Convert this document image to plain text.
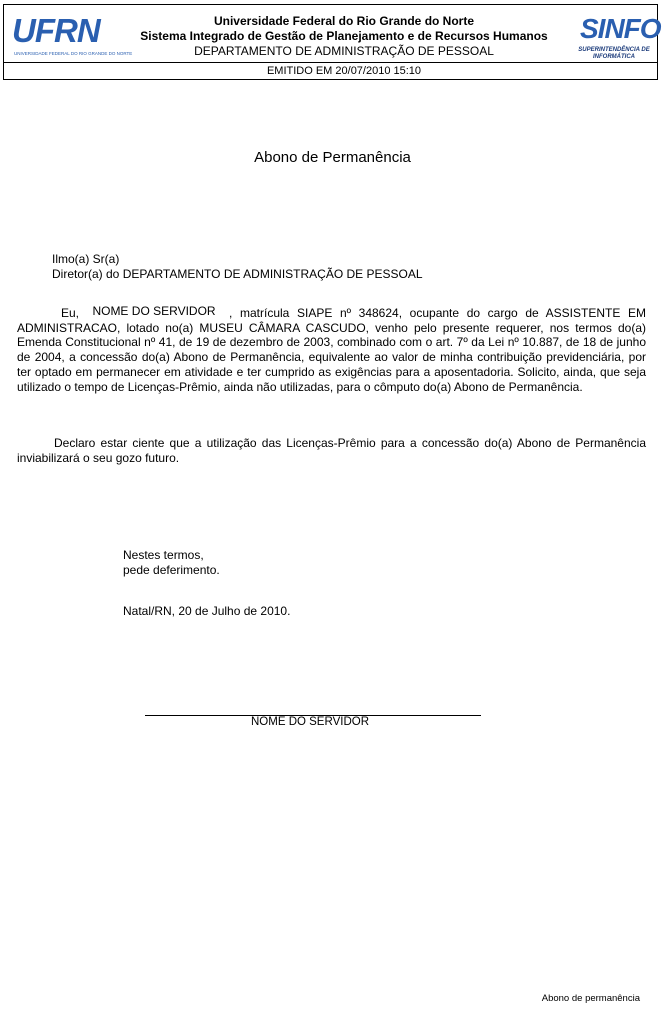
UFRN
UNIVERSIDADE FEDERAL DO RIO GRANDE DO NORTE
Universidade Federal do Rio Grande do Norte
Sistema Integrado de Gestão de Planejamento e de Recursos Humanos
DEPARTAMENTO DE ADMINISTRAÇÃO DE PESSOAL
SINFO
SUPERINTENDÊNCIA DE INFORMÁTICA
EMITIDO EM 20/07/2010 15:10
Abono de Permanência
Ilmo(a) Sr(a)
Diretor(a) do DEPARTAMENTO DE ADMINISTRAÇÃO DE PESSOAL
Eu, NOME DO SERVIDOR , matrícula SIAPE nº 348624, ocupante do cargo de ASSISTENTE EM ADMINISTRACAO, lotado no(a) MUSEU CÂMARA CASCUDO, venho pelo presente requerer, nos termos do(a) Emenda Constitucional nº 41, de 19 de dezembro de 2003, combinado com o art. 7º da Lei nº 10.887, de 18 de junho de 2004, a concessão do(a) Abono de Permanência, equivalente ao valor de minha contribuição previdenciária, por ter optado em permanecer em atividade e ter cumprido as exigências para a aposentadoria. Solicito, ainda, que seja utilizado o tempo de Licenças-Prêmio, ainda não utilizadas, para o cômputo do(a) Abono de Permanência.
Declaro estar ciente que a utilização das Licenças-Prêmio para a concessão do(a) Abono de Permanência inviabilizará o seu gozo futuro.
Nestes termos,
pede deferimento.
Natal/RN, 20 de Julho de 2010.
NOME DO SERVIDOR
Abono de permanência
